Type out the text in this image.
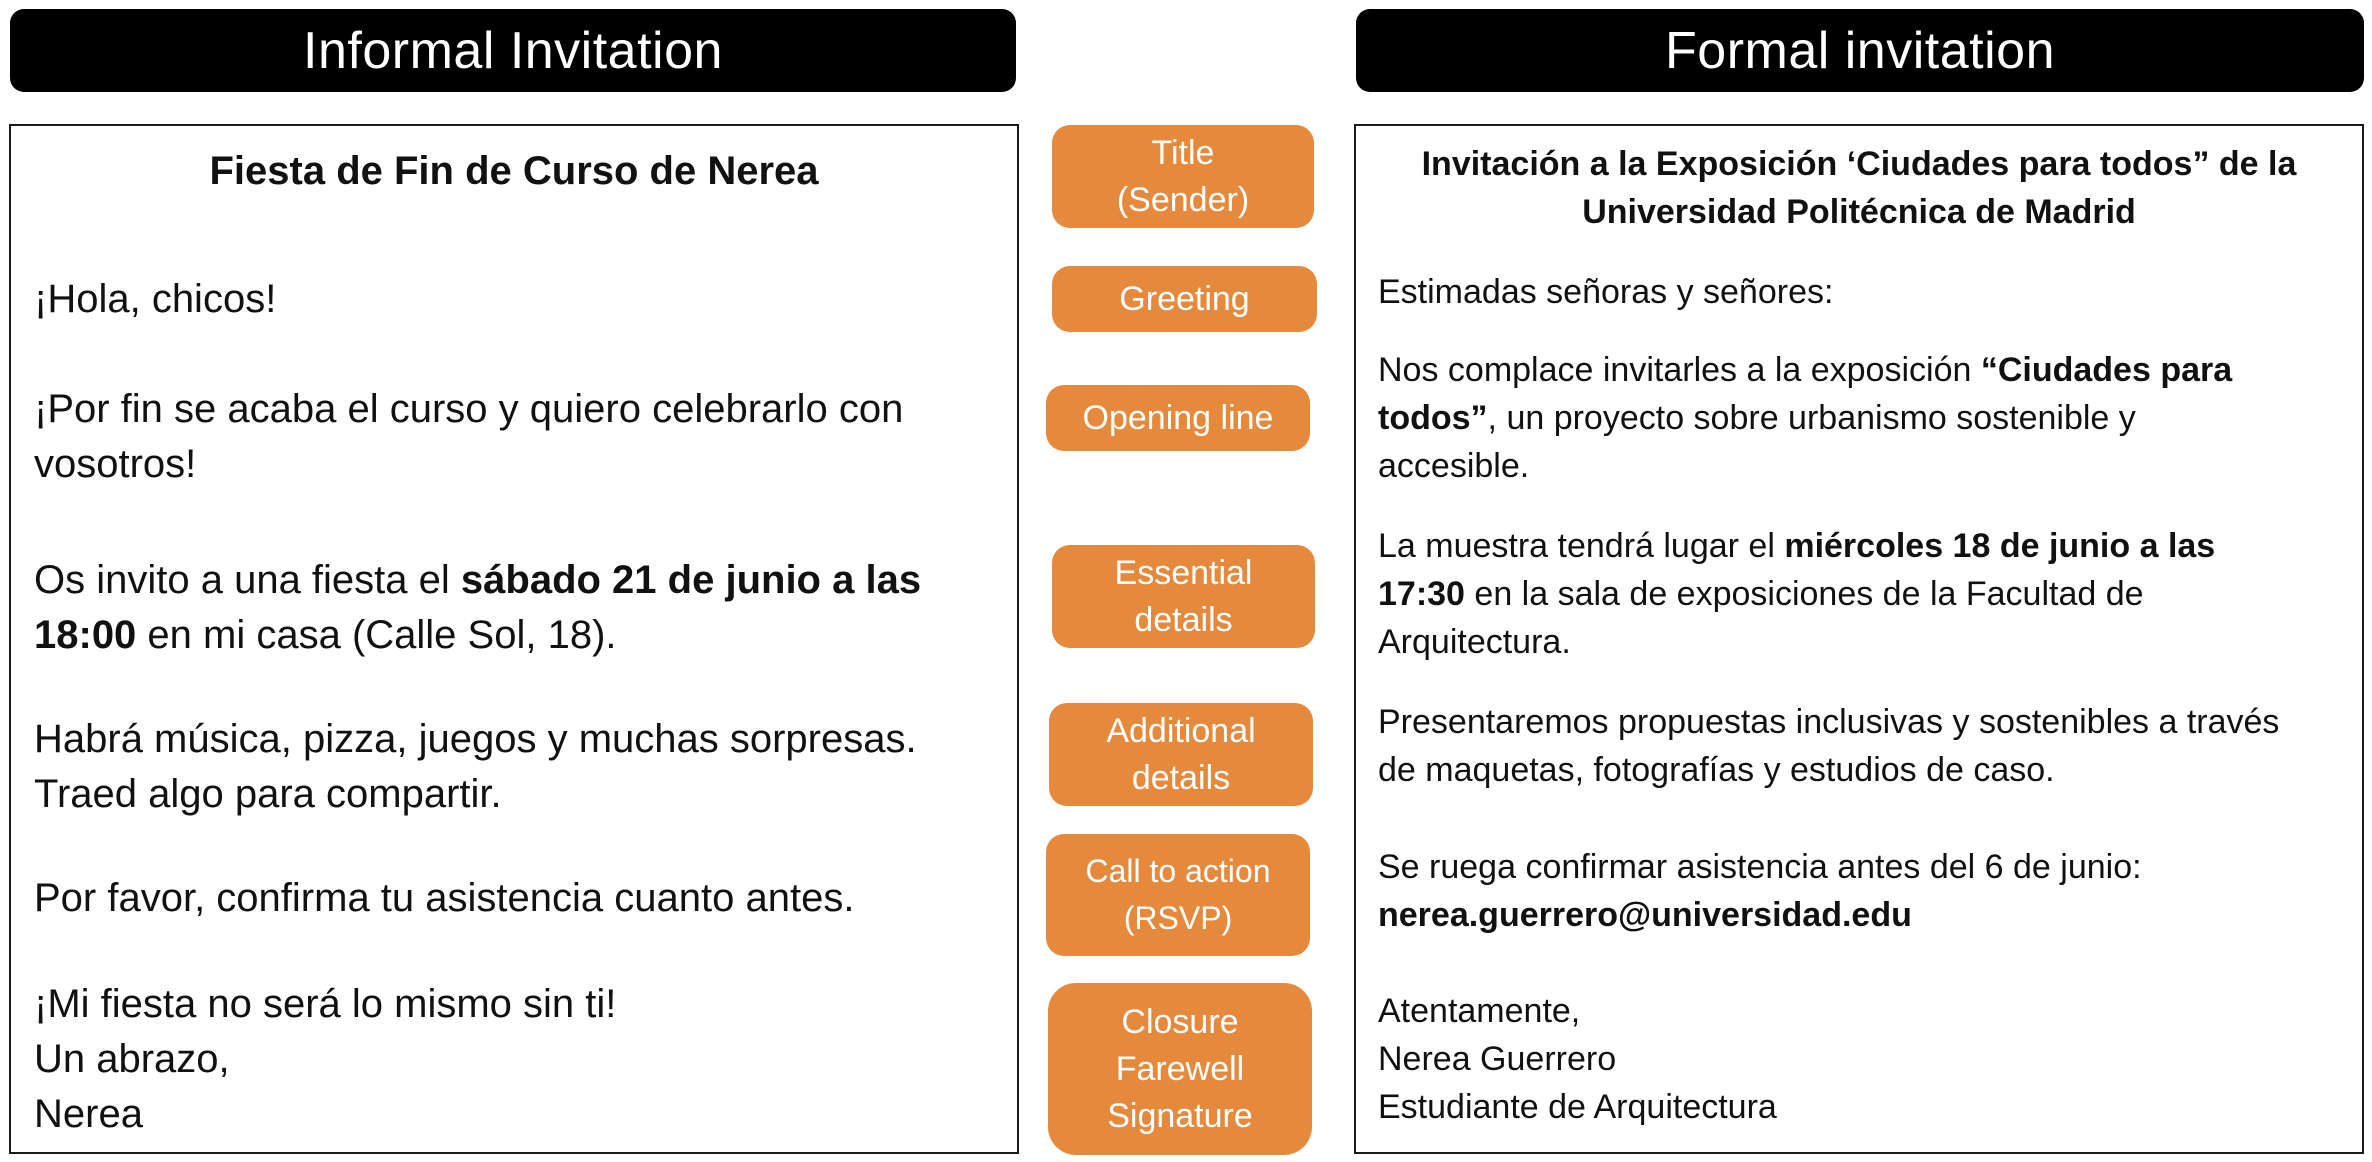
Informal Invitation	Formal invitation

Fiesta de Fin de Curso de Nerea

¡Hola, chicos!

¡Por fin se acaba el curso y quiero celebrarlo con
vosotros!

Os invito a una fiesta el sábado 21 de junio a las
18:00 en mi casa (Calle Sol, 18).

Habrá música, pizza, juegos y muchas sorpresas.
Traed algo para compartir.

Por favor, confirma tu asistencia cuanto antes.

¡Mi fiesta no será lo mismo sin ti!
Un abrazo,
Nerea

Title
(Sender)
Greeting
Opening line
Essential
details
Additional
details
Call to action
(RSVP)
Closure
Farewell
Signature

Invitación a la Exposición ‘Ciudades para todos” de la
Universidad Politécnica de Madrid

Estimadas señoras y señores:

Nos complace invitarles a la exposición “Ciudades para
todos”, un proyecto sobre urbanismo sostenible y
accesible.

La muestra tendrá lugar el miércoles 18 de junio a las
17:30 en la sala de exposiciones de la Facultad de
Arquitectura.

Presentaremos propuestas inclusivas y sostenibles a través
de maquetas, fotografías y estudios de caso.

Se ruega confirmar asistencia antes del 6 de junio:
nerea.guerrero@universidad.edu

Atentamente,
Nerea Guerrero
Estudiante de Arquitectura
